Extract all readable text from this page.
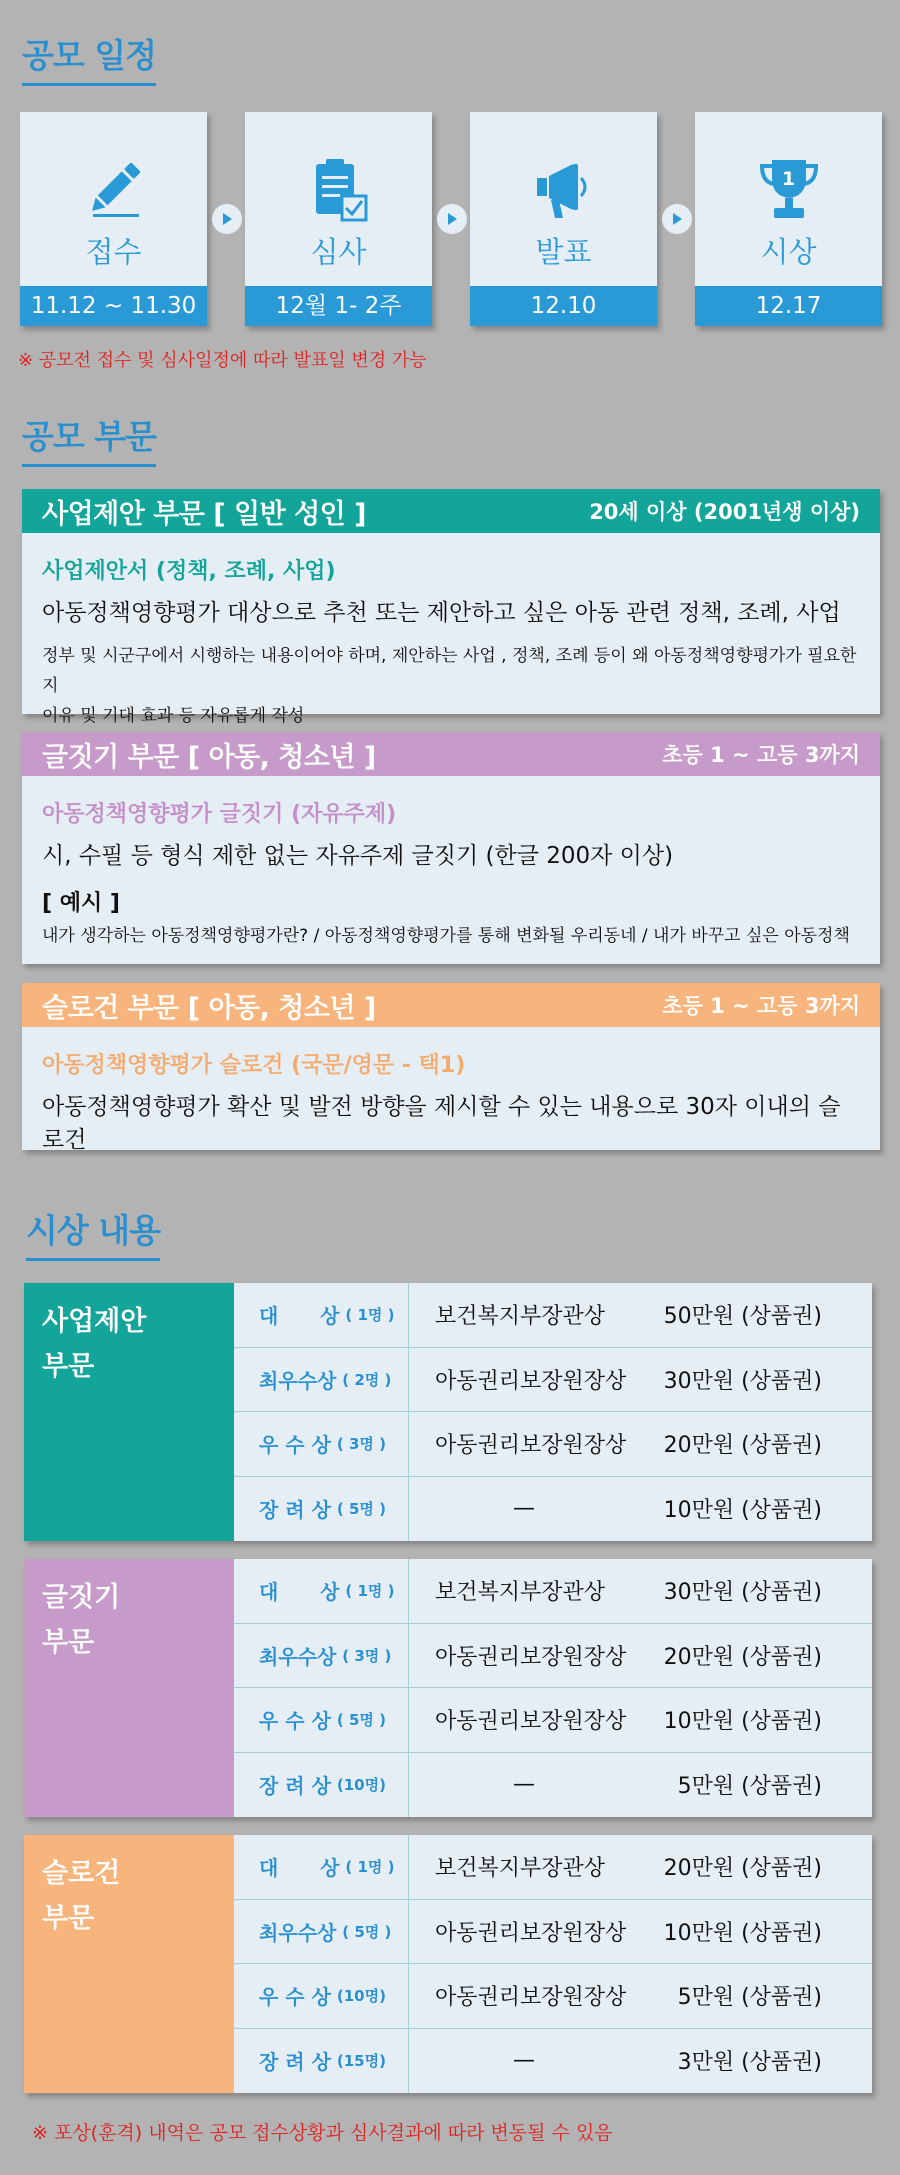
공모 일정
접수
11.12 ~ 11.30
심사
12월 1- 2주
발표
12.10
1
시상
12.17
※ 공모전 접수 및 심사일정에 따라 발표일 변경 가능
공모 부문
사업제안 부문 [ 일반 성인 ]	20세 이상 (2001년생 이상)
사업제안서 (정책, 조례, 사업)
아동정책영향평가 대상으로 추천 또는 제안하고 싶은 아동 관련 정책, 조례, 사업
정부 및 시군구에서 시행하는 내용이어야 하며, 제안하는 사업 , 정책, 조례 등이 왜 아동정책영향평가가 필요한지
이유 및 기대 효과 등 자유롭게 작성
글짓기 부문 [ 아동, 청소년 ]	초등 1 ~ 고등 3까지
아동정책영향평가 글짓기 (자유주제)
시, 수필 등 형식 제한 없는 자유주제 글짓기 (한글 200자 이상)
[ 예시 ]
내가 생각하는 아동정책영향평가란? / 아동정책영향평가를 통해 변화될 우리동네 / 내가 바꾸고 싶은 아동정책
슬로건 부문 [ 아동, 청소년 ]	초등 1 ~ 고등 3까지
아동정책영향평가 슬로건 (국문/영문 - 택1)
아동정책영향평가 확산 및 발전 방향을 제시할 수 있는 내용으로 30자 이내의 슬로건
시상 내용
사업제안
부문
대      상 ( 1명 )	보건복지부장관상	50만원 (상품권)
최우수상 ( 2명 )	아동권리보장원장상	30만원 (상품권)
우 수 상 ( 3명 )	아동권리보장원장상	20만원 (상품권)
장 려 상 ( 5명 )	—	10만원 (상품권)
글짓기
부문
대      상 ( 1명 )	보건복지부장관상	30만원 (상품권)
최우수상 ( 3명 )	아동권리보장원장상	20만원 (상품권)
우 수 상 ( 5명 )	아동권리보장원장상	10만원 (상품권)
장 려 상 (10명)	—	5만원 (상품권)
슬로건
부문
대      상 ( 1명 )	보건복지부장관상	20만원 (상품권)
최우수상 ( 5명 )	아동권리보장원장상	10만원 (상품권)
우 수 상 (10명)	아동권리보장원장상	5만원 (상품권)
장 려 상 (15명)	—	3만원 (상품권)
※ 포상(훈격) 내역은 공모 접수상황과 심사결과에 따라 변동될 수 있음
